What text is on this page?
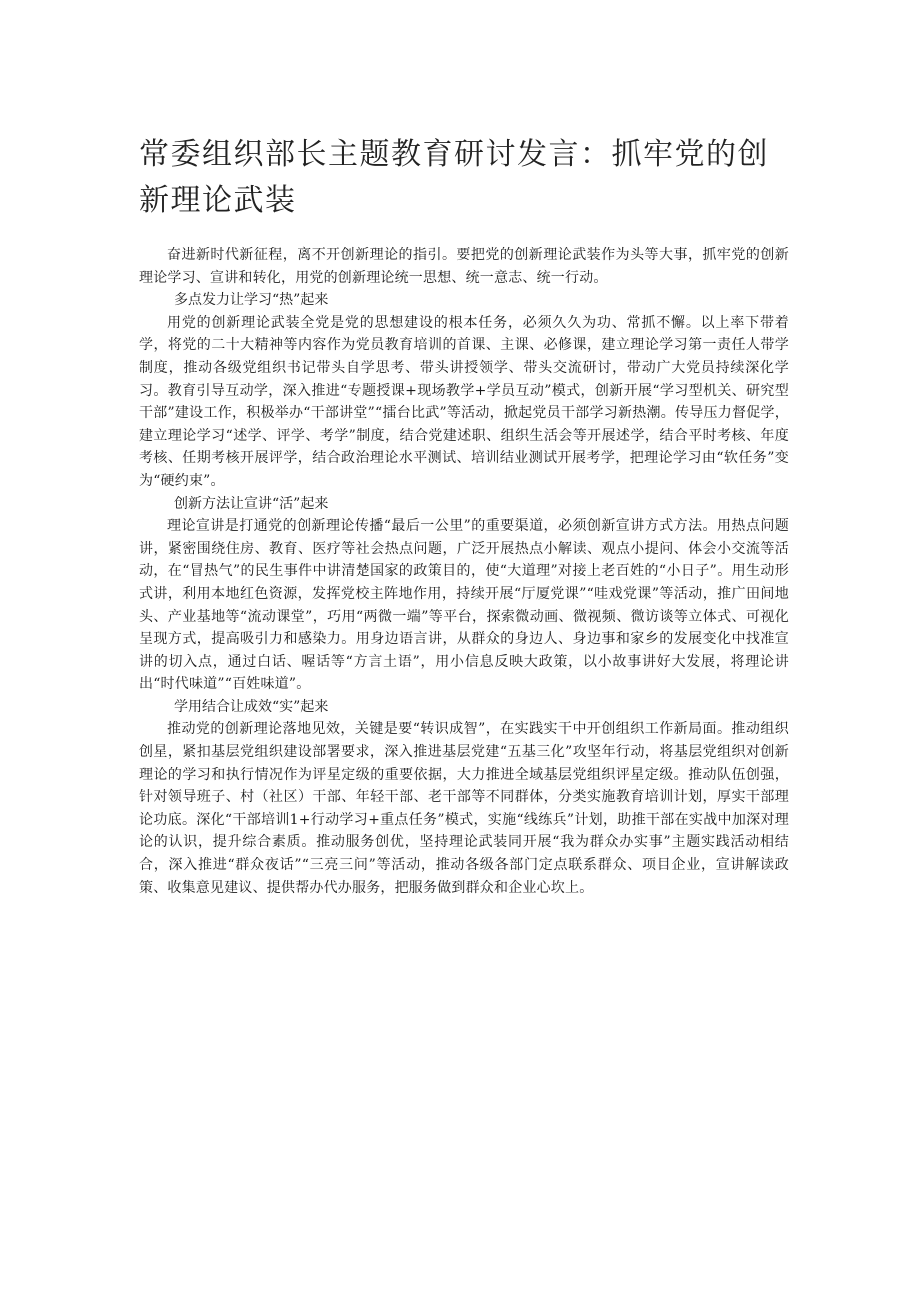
常委组织部长主题教育研讨发言：抓牢党的创新理论武装

奋进新时代新征程，离不开创新理论的指引。要把党的创新理论武装作为头等大事，抓牢党的创新理论学习、宣讲和转化，用党的创新理论统一思想、统一意志、统一行动。

多点发力让学习“热”起来

用党的创新理论武装全党是党的思想建设的根本任务，必须久久为功、常抓不懈。以上率下带着学，将党的二十大精神等内容作为党员教育培训的首课、主课、必修课，建立理论学习第一责任人带学制度，推动各级党组织书记带头自学思考、带头讲授领学、带头交流研讨，带动广大党员持续深化学习。教育引导互动学，深入推进“专题授课+现场教学+学员互动”模式，创新开展“学习型机关、研究型干部”建设工作，积极举办“干部讲堂”“擂台比武”等活动，掀起党员干部学习新热潮。传导压力督促学，建立理论学习“述学、评学、考学”制度，结合党建述职、组织生活会等开展述学，结合平时考核、年度考核、任期考核开展评学，结合政治理论水平测试、培训结业测试开展考学，把理论学习由“软任务”变为“硬约束”。

创新方法让宣讲“活”起来

理论宣讲是打通党的创新理论传播“最后一公里”的重要渠道，必须创新宣讲方式方法。用热点问题讲，紧密围绕住房、教育、医疗等社会热点问题，广泛开展热点小解读、观点小提问、体会小交流等活动，在“冒热气”的民生事件中讲清楚国家的政策目的，使“大道理”对接上老百姓的“小日子”。用生动形式讲，利用本地红色资源，发挥党校主阵地作用，持续开展“厅厦党课”“哇戏党课”等活动，推广田间地头、产业基地等“流动课堂”，巧用“两微一端”等平台，探索微动画、微视频、微访谈等立体式、可视化呈现方式，提高吸引力和感染力。用身边语言讲，从群众的身边人、身边事和家乡的发展变化中找准宣讲的切入点，通过白话、喔话等“方言土语”，用小信息反映大政策，以小故事讲好大发展，将理论讲出“时代味道”“百姓味道”。

学用结合让成效“实”起来

推动党的创新理论落地见效，关键是要“转识成智”，在实践实干中开创组织工作新局面。推动组织创星，紧扣基层党组织建设部署要求，深入推进基层党建“五基三化”攻坚年行动，将基层党组织对创新理论的学习和执行情况作为评星定级的重要依据，大力推进全域基层党组织评星定级。推动队伍创强，针对领导班子、村（社区）干部、年轻干部、老干部等不同群体，分类实施教育培训计划，厚实干部理论功底。深化“干部培训1+行动学习+重点任务”模式，实施“线练兵”计划，助推干部在实战中加深对理论的认识，提升综合素质。推动服务创优，坚持理论武装同开展“我为群众办实事”主题实践活动相结合，深入推进“群众夜话”“三亮三问”等活动，推动各级各部门定点联系群众、项目企业，宣讲解读政策、收集意见建议、提供帮办代办服务，把服务做到群众和企业心坎上。
